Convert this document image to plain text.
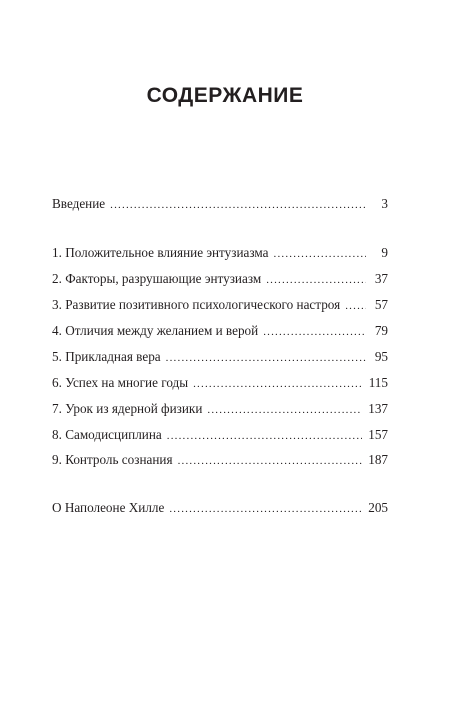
СОДЕРЖАНИЕ
Введение .....	3
1. Положительное влияние энтузиазма .....	9
2. Факторы, разрушающие энтузиазм .....	37
3. Развитие позитивного психологического настроя .....	57
4. Отличия между желанием и верой .....	79
5. Прикладная вера .....	95
6. Успех на многие годы .....	115
7. Урок из ядерной физики .....	137
8. Самодисциплина .....	157
9. Контроль сознания .....	187
О Наполеоне Хилле .....	205
